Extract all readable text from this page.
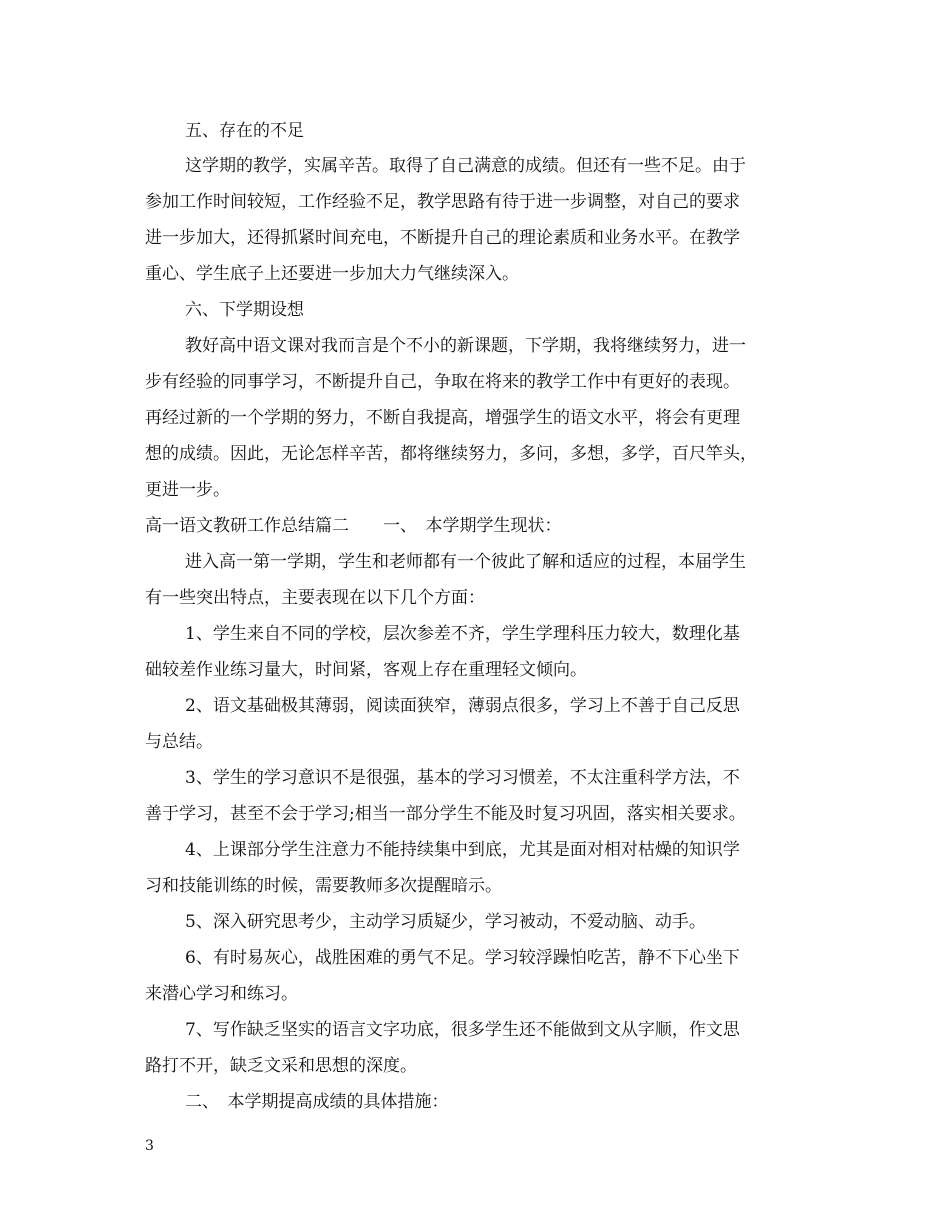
五、存在的不足
这学期的教学，实属辛苦。取得了自己满意的成绩。但还有一些不足。由于
参加工作时间较短，工作经验不足，教学思路有待于进一步调整，对自己的要求
进一步加大，还得抓紧时间充电，不断提升自己的理论素质和业务水平。在教学
重心、学生底子上还要进一步加大力气继续深入。
六、下学期设想
教好高中语文课对我而言是个不小的新课题，下学期，我将继续努力，进一
步有经验的同事学习，不断提升自己，争取在将来的教学工作中有更好的表现。
再经过新的一个学期的努力，不断自我提高，增强学生的语文水平，将会有更理
想的成绩。因此，无论怎样辛苦，都将继续努力，多问，多想，多学，百尺竿头，
更进一步。
高一语文教研工作总结篇二　　一、　本学期学生现状：
进入高一第一学期，学生和老师都有一个彼此了解和适应的过程，本届学生
有一些突出特点，主要表现在以下几个方面：
1、学生来自不同的学校，层次参差不齐，学生学理科压力较大，数理化基
础较差作业练习量大，时间紧，客观上存在重理轻文倾向。
2、语文基础极其薄弱，阅读面狭窄，薄弱点很多，学习上不善于自己反思
与总结。
3、学生的学习意识不是很强，基本的学习习惯差，不太注重科学方法，不
善于学习，甚至不会于学习;相当一部分学生不能及时复习巩固，落实相关要求。
4、上课部分学生注意力不能持续集中到底，尤其是面对相对枯燥的知识学
习和技能训练的时候，需要教师多次提醒暗示。
5、深入研究思考少，主动学习质疑少，学习被动，不爱动脑、动手。
6、有时易灰心，战胜困难的勇气不足。学习较浮躁怕吃苦，静不下心坐下
来潜心学习和练习。
7、写作缺乏坚实的语言文字功底，很多学生还不能做到文从字顺，作文思
路打不开，缺乏文采和思想的深度。
二、　本学期提高成绩的具体措施：
3
